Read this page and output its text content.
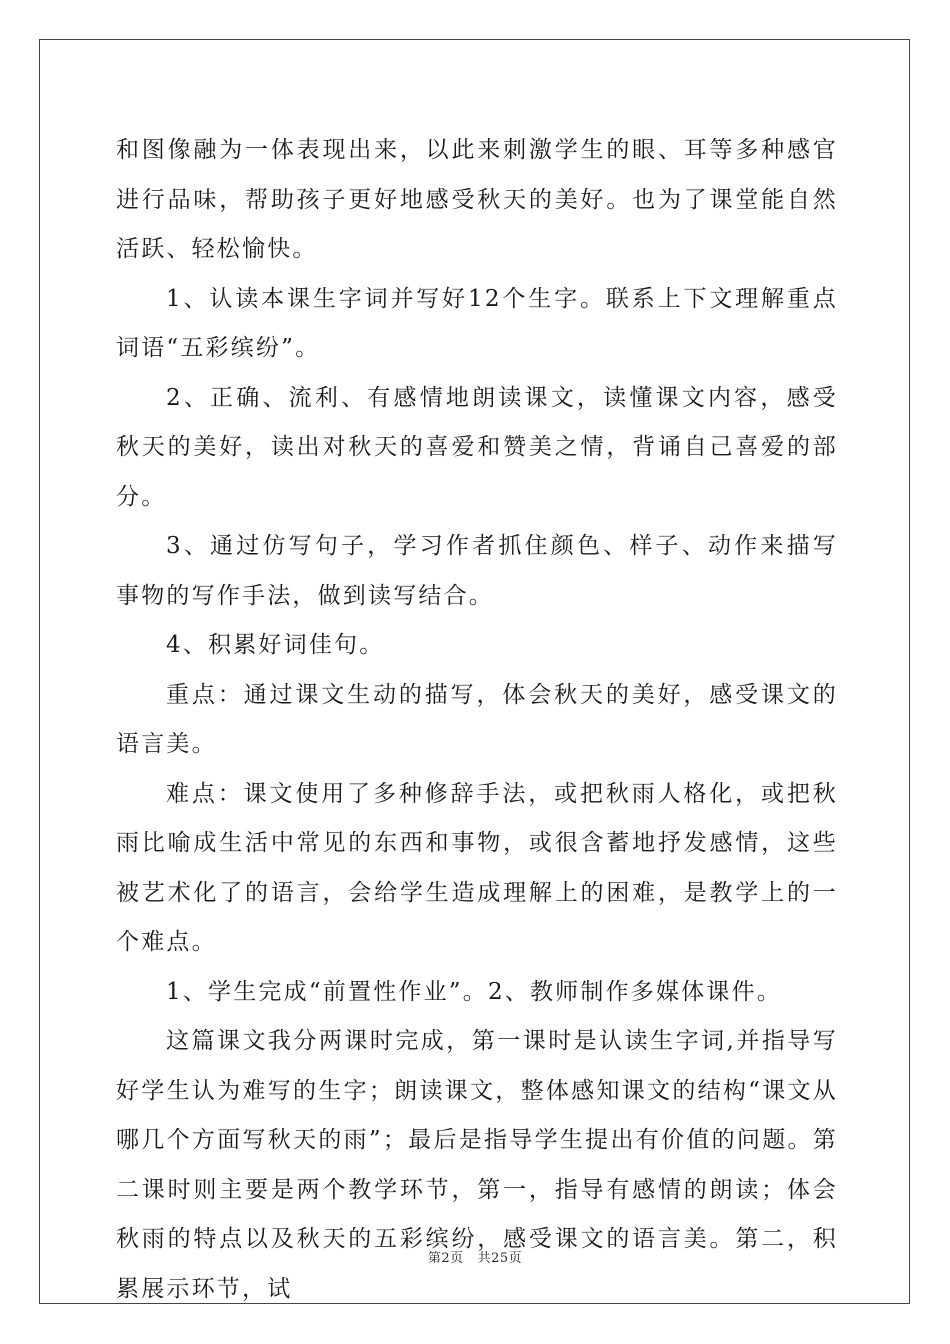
和图像融为一体表现出来，以此来刺激学生的眼、耳等多种感官进行品味，帮助孩子更好地感受秋天的美好。也为了课堂能自然活跃、轻松愉快。

1、认读本课生字词并写好12个生字。联系上下文理解重点词语“五彩缤纷”。

2、正确、流利、有感情地朗读课文，读懂课文内容，感受秋天的美好，读出对秋天的喜爱和赞美之情，背诵自己喜爱的部分。

3、通过仿写句子，学习作者抓住颜色、样子、动作来描写事物的写作手法，做到读写结合。

4、积累好词佳句。

重点：通过课文生动的描写，体会秋天的美好，感受课文的语言美。

难点：课文使用了多种修辞手法，或把秋雨人格化，或把秋雨比喻成生活中常见的东西和事物，或很含蓄地抒发感情，这些被艺术化了的语言，会给学生造成理解上的困难，是教学上的一个难点。

1、学生完成“前置性作业”。2、教师制作多媒体课件。

这篇课文我分两课时完成，第一课时是认读生字词,并指导写好学生认为难写的生字；朗读课文，整体感知课文的结构“课文从哪几个方面写秋天的雨”；最后是指导学生提出有价值的问题。第二课时则主要是两个教学环节，第一，指导有感情的朗读；体会秋雨的特点以及秋天的五彩缤纷，感受课文的语言美。第二，积累展示环节，试

第2页 共25页
